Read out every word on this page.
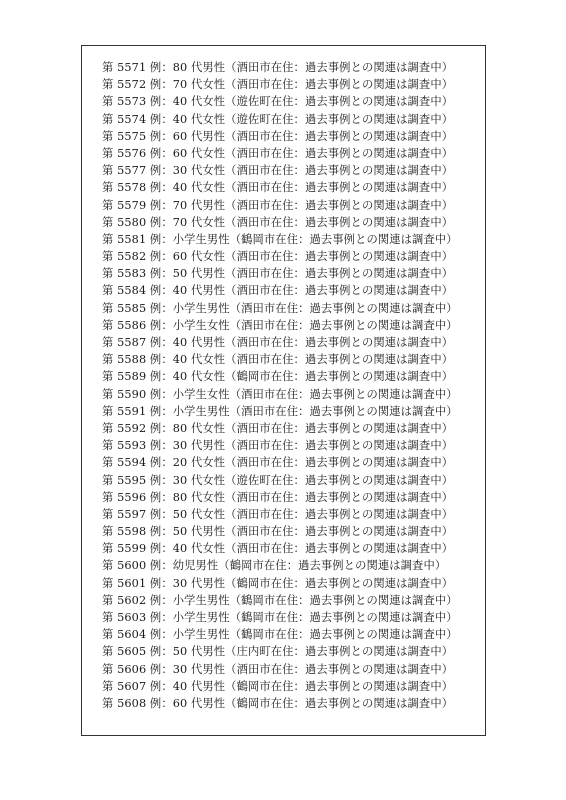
第 5571 例：80 代男性（酒田市在住：過去事例との関連は調査中）
第 5572 例：70 代女性（酒田市在住：過去事例との関連は調査中）
第 5573 例：40 代女性（遊佐町在住：過去事例との関連は調査中）
第 5574 例：40 代女性（遊佐町在住：過去事例との関連は調査中）
第 5575 例：60 代男性（酒田市在住：過去事例との関連は調査中）
第 5576 例：60 代女性（酒田市在住：過去事例との関連は調査中）
第 5577 例：30 代女性（酒田市在住：過去事例との関連は調査中）
第 5578 例：40 代女性（酒田市在住：過去事例との関連は調査中）
第 5579 例：70 代男性（酒田市在住：過去事例との関連は調査中）
第 5580 例：70 代女性（酒田市在住：過去事例との関連は調査中）
第 5581 例：小学生男性（鶴岡市在住：過去事例との関連は調査中）
第 5582 例：60 代女性（酒田市在住：過去事例との関連は調査中）
第 5583 例：50 代男性（酒田市在住：過去事例との関連は調査中）
第 5584 例：40 代男性（酒田市在住：過去事例との関連は調査中）
第 5585 例：小学生男性（酒田市在住：過去事例との関連は調査中）
第 5586 例：小学生女性（酒田市在住：過去事例との関連は調査中）
第 5587 例：40 代男性（酒田市在住：過去事例との関連は調査中）
第 5588 例：40 代女性（酒田市在住：過去事例との関連は調査中）
第 5589 例：40 代女性（鶴岡市在住：過去事例との関連は調査中）
第 5590 例：小学生女性（酒田市在住：過去事例との関連は調査中）
第 5591 例：小学生男性（酒田市在住：過去事例との関連は調査中）
第 5592 例：80 代女性（酒田市在住：過去事例との関連は調査中）
第 5593 例：30 代男性（酒田市在住：過去事例との関連は調査中）
第 5594 例：20 代女性（酒田市在住：過去事例との関連は調査中）
第 5595 例：30 代女性（遊佐町在住：過去事例との関連は調査中）
第 5596 例：80 代女性（酒田市在住：過去事例との関連は調査中）
第 5597 例：50 代女性（酒田市在住：過去事例との関連は調査中）
第 5598 例：50 代男性（酒田市在住：過去事例との関連は調査中）
第 5599 例：40 代女性（酒田市在住：過去事例との関連は調査中）
第 5600 例：幼児男性（鶴岡市在住：過去事例との関連は調査中）
第 5601 例：30 代男性（鶴岡市在住：過去事例との関連は調査中）
第 5602 例：小学生男性（鶴岡市在住：過去事例との関連は調査中）
第 5603 例：小学生男性（鶴岡市在住：過去事例との関連は調査中）
第 5604 例：小学生男性（鶴岡市在住：過去事例との関連は調査中）
第 5605 例：50 代男性（庄内町在住：過去事例との関連は調査中）
第 5606 例：30 代男性（酒田市在住：過去事例との関連は調査中）
第 5607 例：40 代男性（鶴岡市在住：過去事例との関連は調査中）
第 5608 例：60 代男性（鶴岡市在住：過去事例との関連は調査中）
